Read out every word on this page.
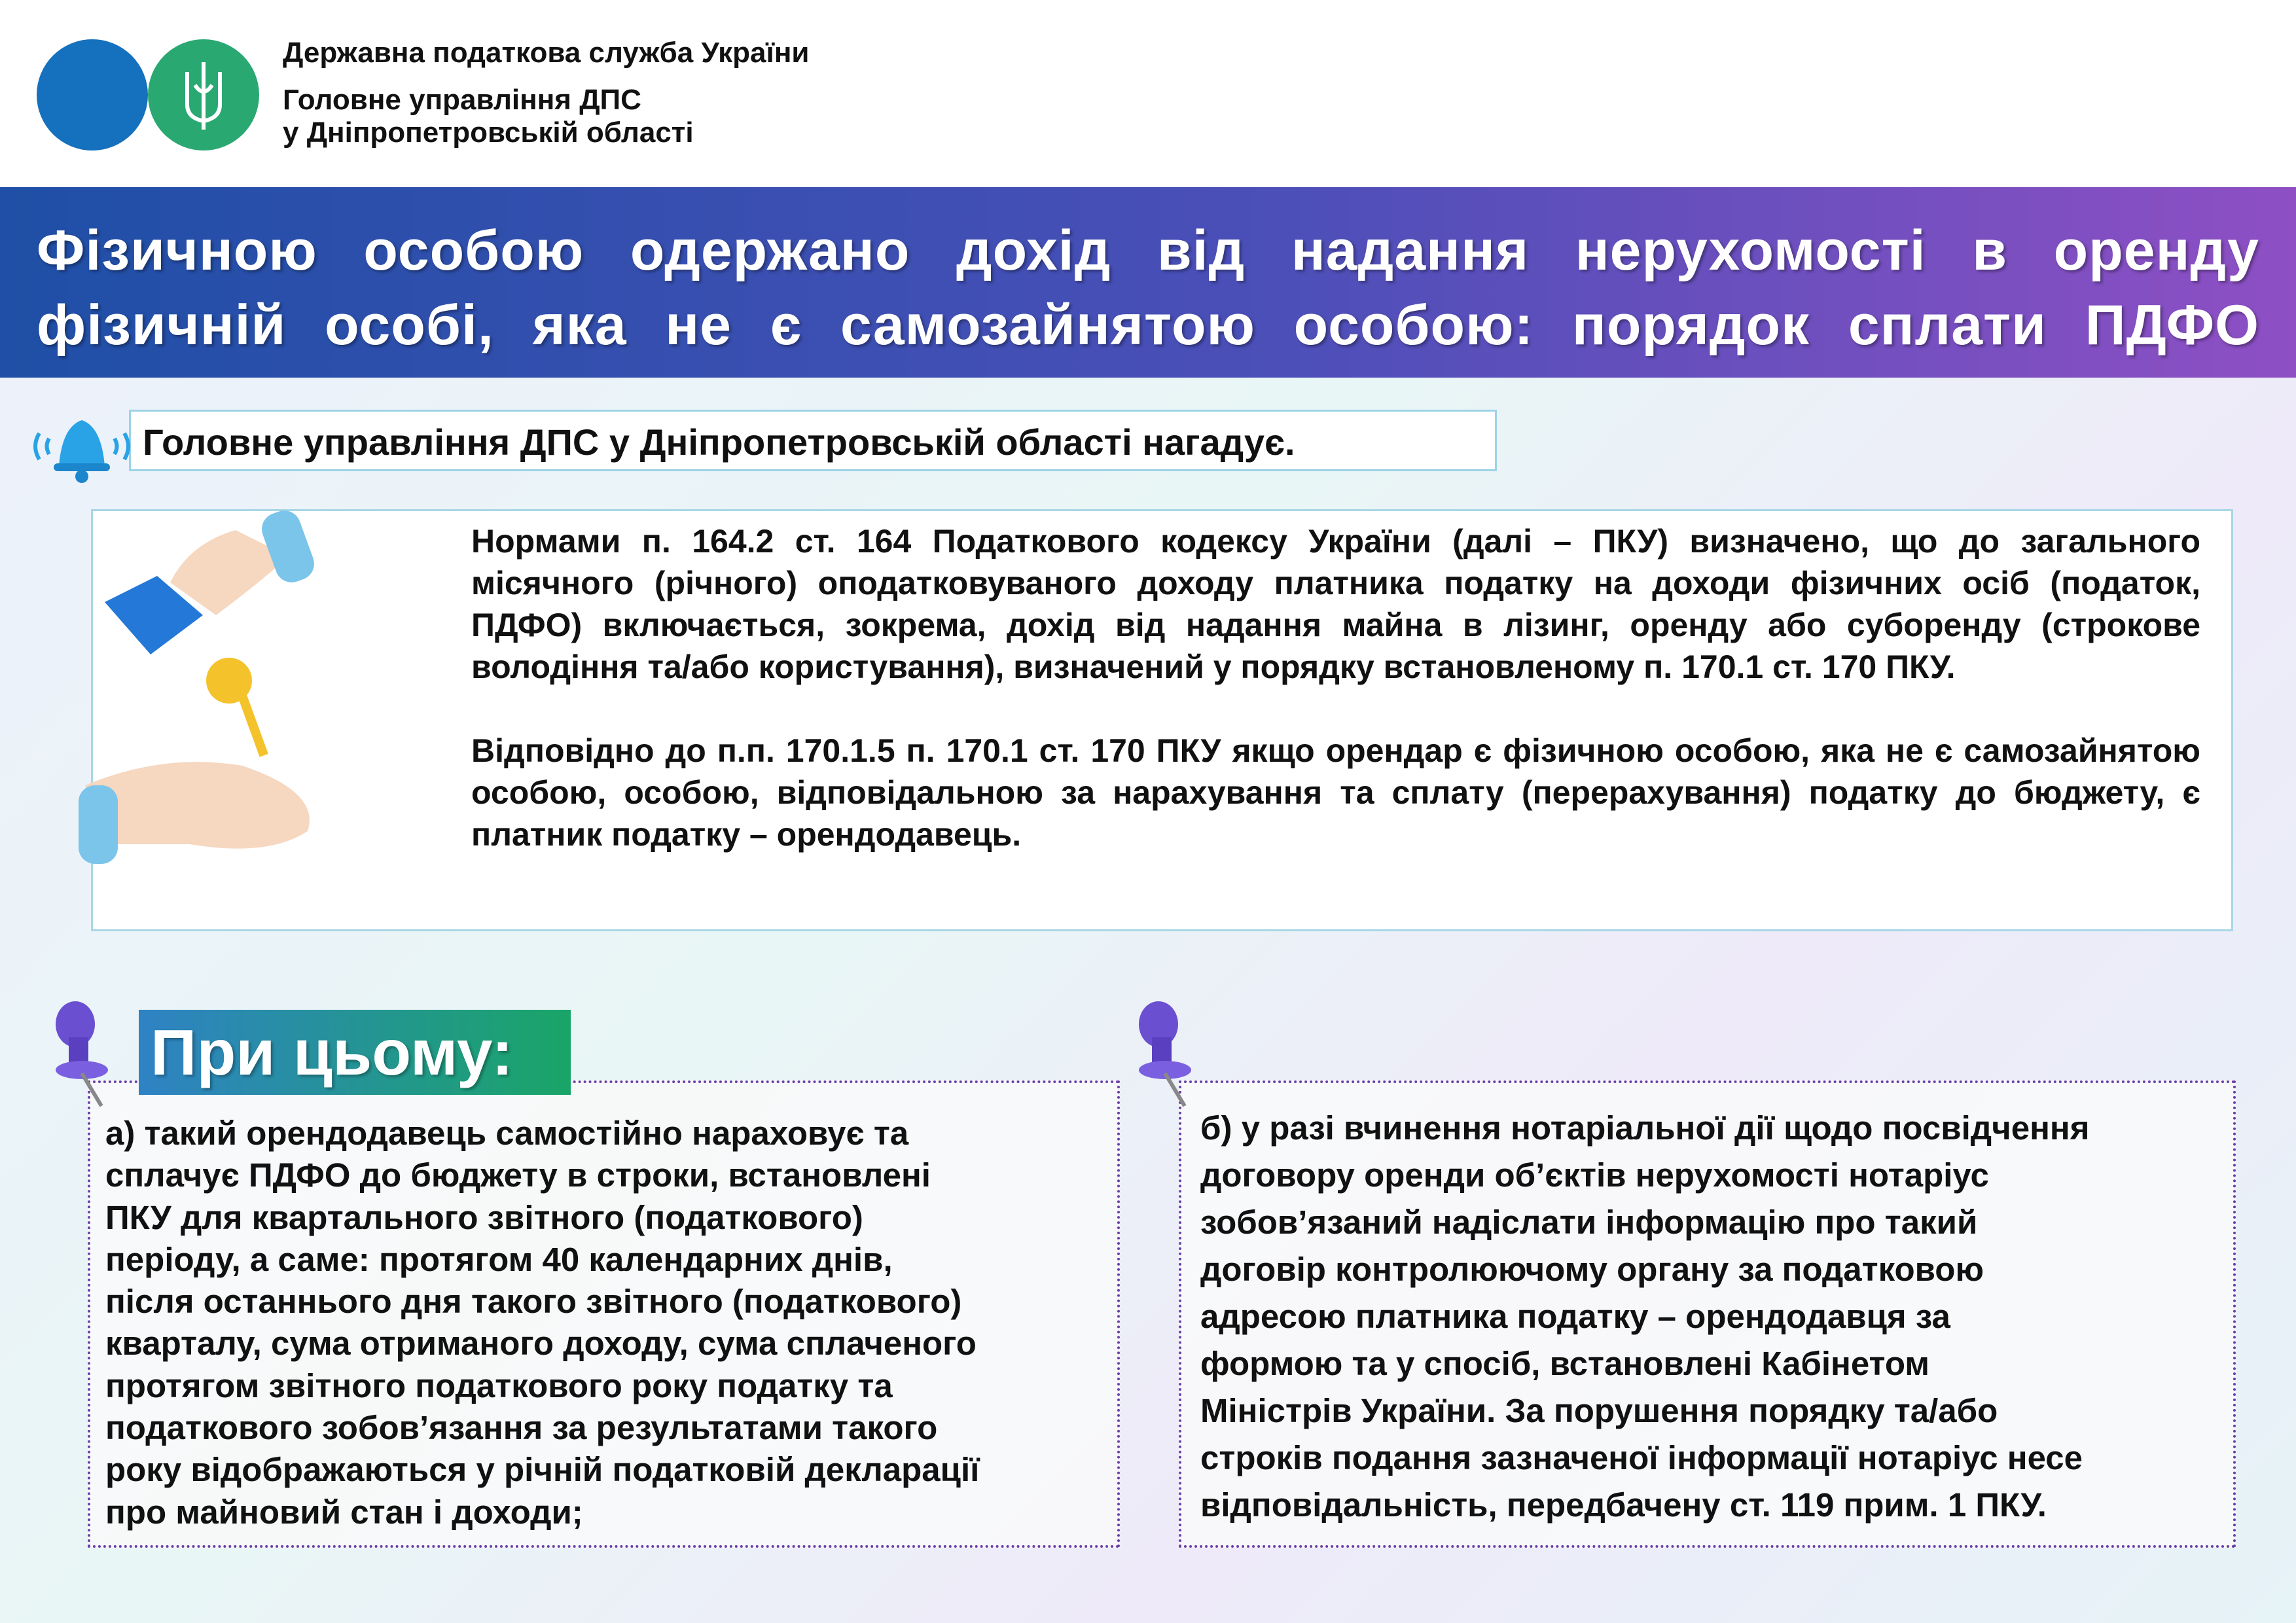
Державна податкова служба України
Головне управління ДПС
у Дніпропетровській області
Фізичною особою одержано дохід від надання нерухомості в оренду
фізичній особі, яка не є самозайнятою особою: порядок сплати ПДФО
Головне управління ДПС у Дніпропетровській області нагадує.

Нормами п. 164.2 ст. 164 Податкового кодексу України (далі – ПКУ) визначено, що до загального місячного (річного) оподатковуваного доходу платника податку на доходи фізичних осіб (податок, ПДФО) включається, зокрема, дохід від надання майна в лізинг, оренду або суборенду (строкове володіння та/або користування), визначений у порядку встановленому п. 170.1 ст. 170 ПКУ.

Відповідно до п.п. 170.1.5 п. 170.1 ст. 170 ПКУ якщо орендар є фізичною особою, яка не є самозайнятою особою, особою, відповідальною за нарахування та сплату (перерахування) податку до бюджету, є платник податку – орендодавець.

а) такий орендодавець самостійно нараховує та
сплачує ПДФО до бюджету в строки, встановлені
ПКУ для квартального звітного (податкового)
періоду, а саме: протягом 40 календарних днів,
після останнього дня такого звітного (податкового)
кварталу, сума отриманого доходу, сума сплаченого
протягом звітного податкового року податку та
податкового зобов’язання за результатами такого
року відображаються у річній податковій декларації
про майновий стан і доходи;
При цьому:
б) у разі вчинення нотаріальної дії щодо посвідчення
договору оренди об’єктів нерухомості нотаріус
зобов’язаний надіслати інформацію про такий
договір контролюючому органу за податковою
адресою платника податку – орендодавця за
формою та у спосіб, встановлені Кабінетом
Міністрів України. За порушення порядку та/або
строків подання зазначеної інформації нотаріус несе
відповідальність, передбачену ст. 119 прим. 1 ПКУ.
